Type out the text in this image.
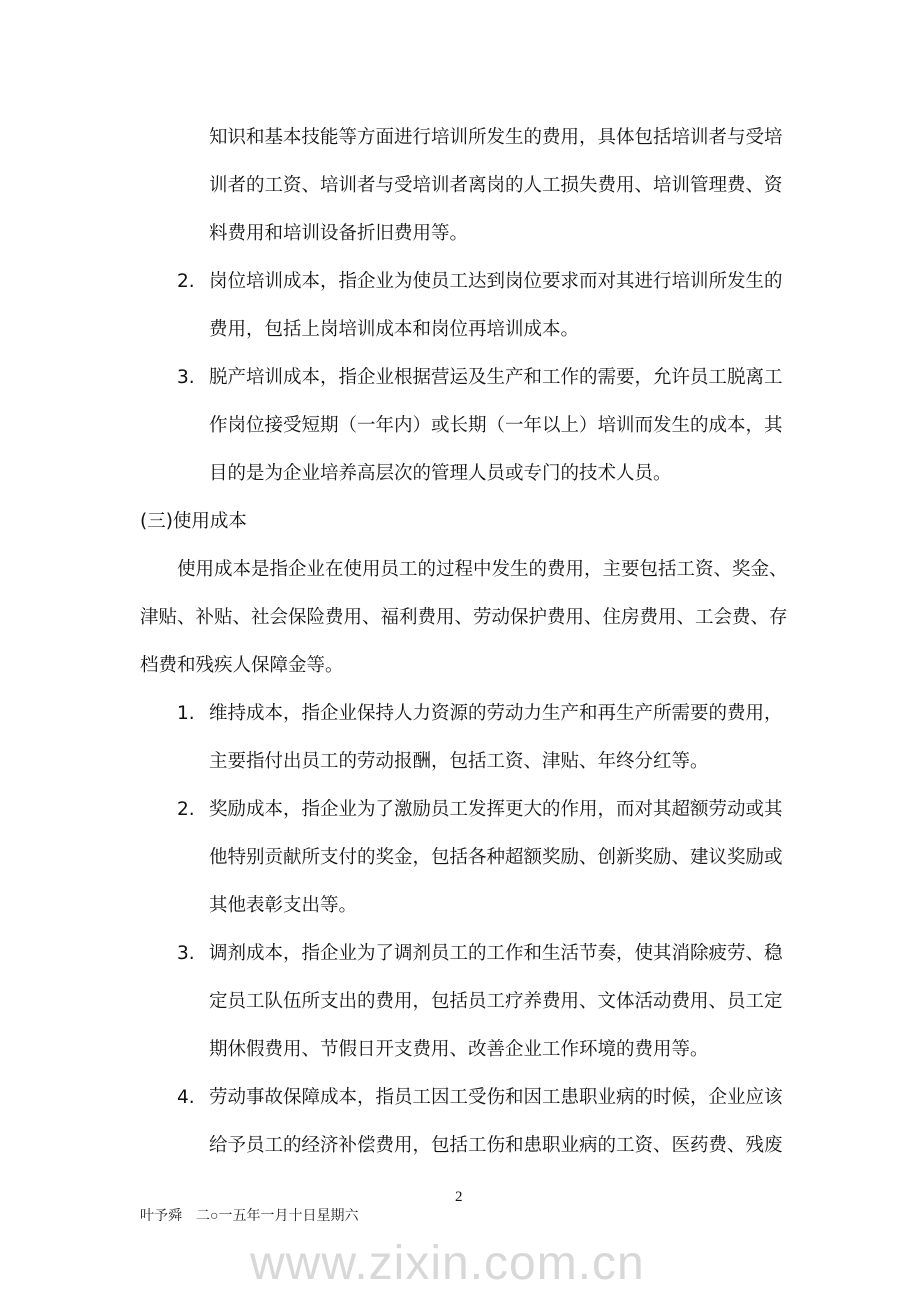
知识和基本技能等方面进行培训所发生的费用，具体包括培训者与受培
训者的工资、培训者与受培训者离岗的人工损失费用、培训管理费、资
料费用和培训设备折旧费用等。
2. 岗位培训成本，指企业为使员工达到岗位要求而对其进行培训所发生的
费用，包括上岗培训成本和岗位再培训成本。
3. 脱产培训成本，指企业根据营运及生产和工作的需要，允许员工脱离工
作岗位接受短期（一年内）或长期（一年以上）培训而发生的成本，其
目的是为企业培养高层次的管理人员或专门的技术人员。
(三)使用成本
使用成本是指企业在使用员工的过程中发生的费用，主要包括工资、奖金、
津贴、补贴、社会保险费用、福利费用、劳动保护费用、住房费用、工会费、存
档费和残疾人保障金等。
1. 维持成本，指企业保持人力资源的劳动力生产和再生产所需要的费用，
主要指付出员工的劳动报酬，包括工资、津贴、年终分红等。
2. 奖励成本，指企业为了激励员工发挥更大的作用，而对其超额劳动或其
他特别贡献所支付的奖金，包括各种超额奖励、创新奖励、建议奖励或
其他表彰支出等。
3. 调剂成本，指企业为了调剂员工的工作和生活节奏，使其消除疲劳、稳
定员工队伍所支出的费用，包括员工疗养费用、文体活动费用、员工定
期休假费用、节假日开支费用、改善企业工作环境的费用等。
4. 劳动事故保障成本，指员工因工受伤和因工患职业病的时候，企业应该
给予员工的经济补偿费用，包括工伤和患职业病的工资、医药费、残废
2
叶予舜　二○一五年一月十日星期六
www.zixin.com.cn
